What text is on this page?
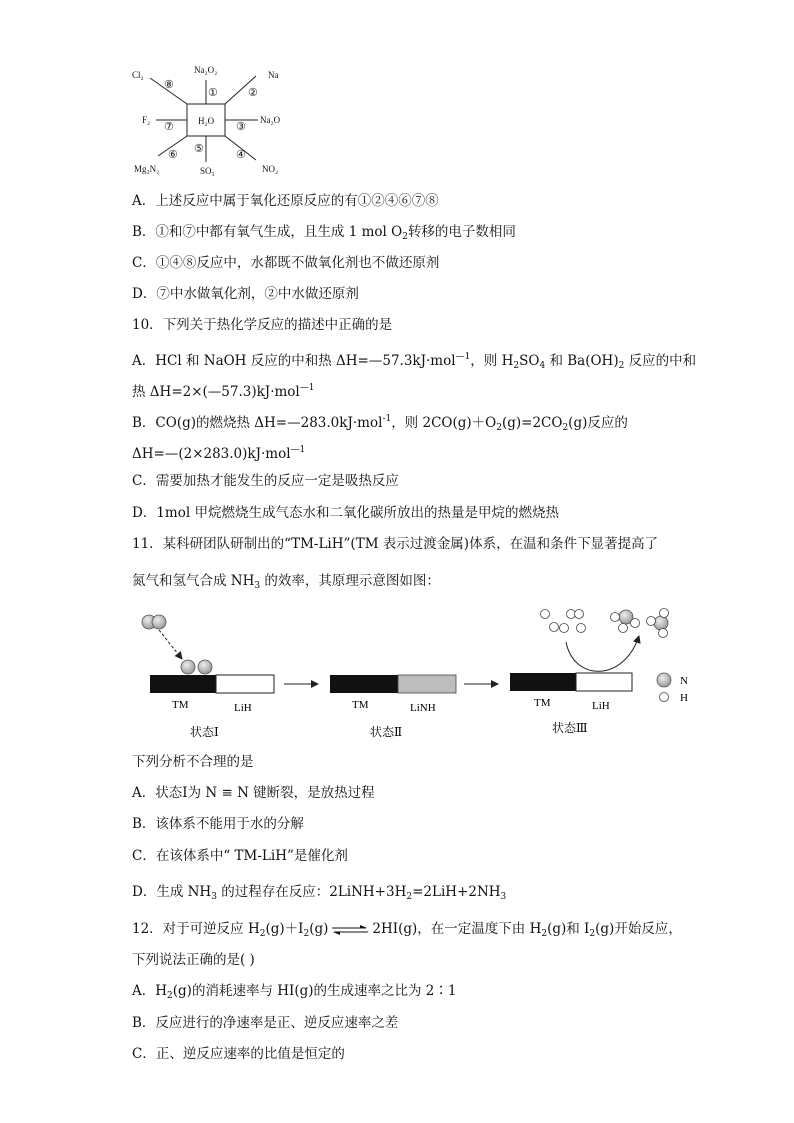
H₂O
Cl₂	Na₂O₂	Na
Na₂O
NO₂
SO₃
Mg₃N₂
F₂
①	②
③
④
⑤
⑥
⑦
⑧
A．上述反应中属于氧化还原反应的有①②④⑥⑦⑧
B．①和⑦中都有氧气生成，且生成 1 mol $O_2$转移的电子数相同
C．①④⑧反应中，水都既不做氧化剂也不做还原剂
D．⑦中水做氧化剂，②中水做还原剂
10．下列关于热化学反应的描述中正确的是
A．HCl 和 NaOH 反应的中和热 ΔH=—57.3kJ·mol$^{—1}$，则 $H_2SO_4$ 和 $Ba(OH)_2$ 反应的中和
热 ΔH=2×(—57.3)kJ·mol$^{—1}$
B．CO(g)的燃烧热 ΔH=—283.0kJ·mol$^{-1}$，则 $2CO(g)+O_2(g)=2CO_2(g)$反应的
ΔH=—(2×283.0)kJ·mol$^{—1}$
C．需要加热才能发生的反应一定是吸热反应
D．1mol 甲烷燃烧生成气态水和二氧化碳所放出的热量是甲烷的燃烧热
11．某科研团队研制出的“TM-LiH”(TM 表示过渡金属)体系，在温和条件下显著提高了
氮气和氢气合成 $NH_3$ 的效率，其原理示意图如图：
TM	LiH
状态Ⅰ
TM	LiNH
状态Ⅱ
TM	LiH
状态Ⅲ
N
H
下列分析不合理的是
A．状态Ⅰ为 N ≡ N 键断裂，是放热过程
B．该体系不能用于水的分解
C．在该体系中“ TM-LiH”是催化剂
D．生成 $NH_3$ 的过程存在反应：$2LiNH+3H_2=2LiH+2NH_3$
12．对于可逆反应 $H_2(g)+I_2(g)$ ⇌ 2HI(g)，在一定温度下由 $H_2(g)$和 $I_2(g)$开始反应，
下列说法正确的是( )
A．$H_2(g)$的消耗速率与 HI(g)的生成速率之比为 2∶1
B．反应进行的净速率是正、逆反应速率之差
C．正、逆反应速率的比值是恒定的
